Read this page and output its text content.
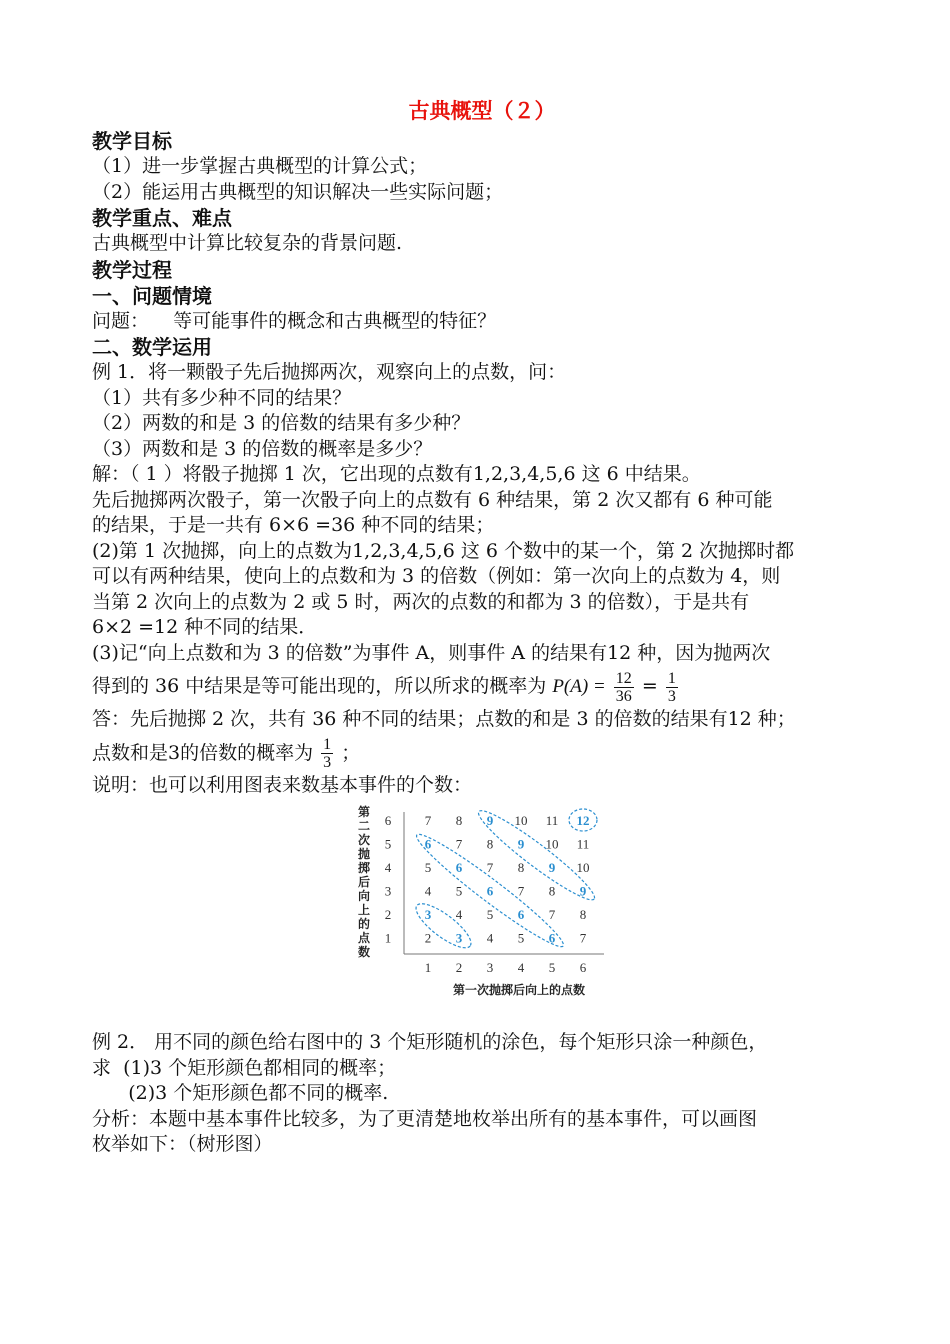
古典概型（２）
教学目标
（1）进一步掌握古典概型的计算公式；
（2）能运用古典概型的知识解决一些实际问题；
教学重点、难点
古典概型中计算比较复杂的背景问题.
教学过程
一、问题情境
问题：    等可能事件的概念和古典概型的特征？
二、数学运用
例 1．将一颗骰子先后抛掷两次，观察向上的点数，问：
（1）共有多少种不同的结果？
（2）两数的和是 3 的倍数的结果有多少种？
（3）两数和是 3 的倍数的概率是多少？
解：（ 1 ）将骰子抛掷 1 次，它出现的点数有1,2,3,4,5,6 这 6 中结果。
先后抛掷两次骰子，第一次骰子向上的点数有 6 种结果，第 2 次又都有 6 种可能
的结果，于是一共有 6×6 =36 种不同的结果；
(2)第 1 次抛掷，向上的点数为1,2,3,4,5,6 这 6 个数中的某一个，第 2 次抛掷时都
可以有两种结果，使向上的点数和为 3 的倍数（例如：第一次向上的点数为 4，则
当第 2 次向上的点数为 2 或 5 时，两次的点数的和都为 3 的倍数），于是共有
6×2 =12 种不同的结果．
(3)记“向上点数和为 3 的倍数”为事件 A，则事件 A 的结果有12 种，因为抛两次
得到的 36 中结果是等可能出现的，所以所求的概率为 $P(A) = \frac{12}{36} = \frac{1}{3}$
答：先后抛掷 2 次，共有 36 种不同的结果；点数的和是 3 的倍数的结果有12 种；
点数和是3的倍数的概率为 $\frac{1}{3}$ ；
说明：也可以利用图表来数基本事件的个数：
第
二
次
抛
掷
后
向
上
的
点
数
7 8 9 10 11 12
6 7 8 9 10 11
5 6 7 8 9 10
4 5 6 7 8 9
3 4 5 6 7 8
2 3 4 5 6 7
6
5
4
3
2
1
1 2 3 4 5 6
第一次抛掷后向上的点数
例 2． 用不同的颜色给右图中的 3 个矩形随机的涂色，每个矩形只涂一种颜色，
求  (1)3 个矩形颜色都相同的概率；
(2)3 个矩形颜色都不同的概率.
分析：本题中基本事件比较多，为了更清楚地枚举出所有的基本事件，可以画图
枚举如下：（树形图）
